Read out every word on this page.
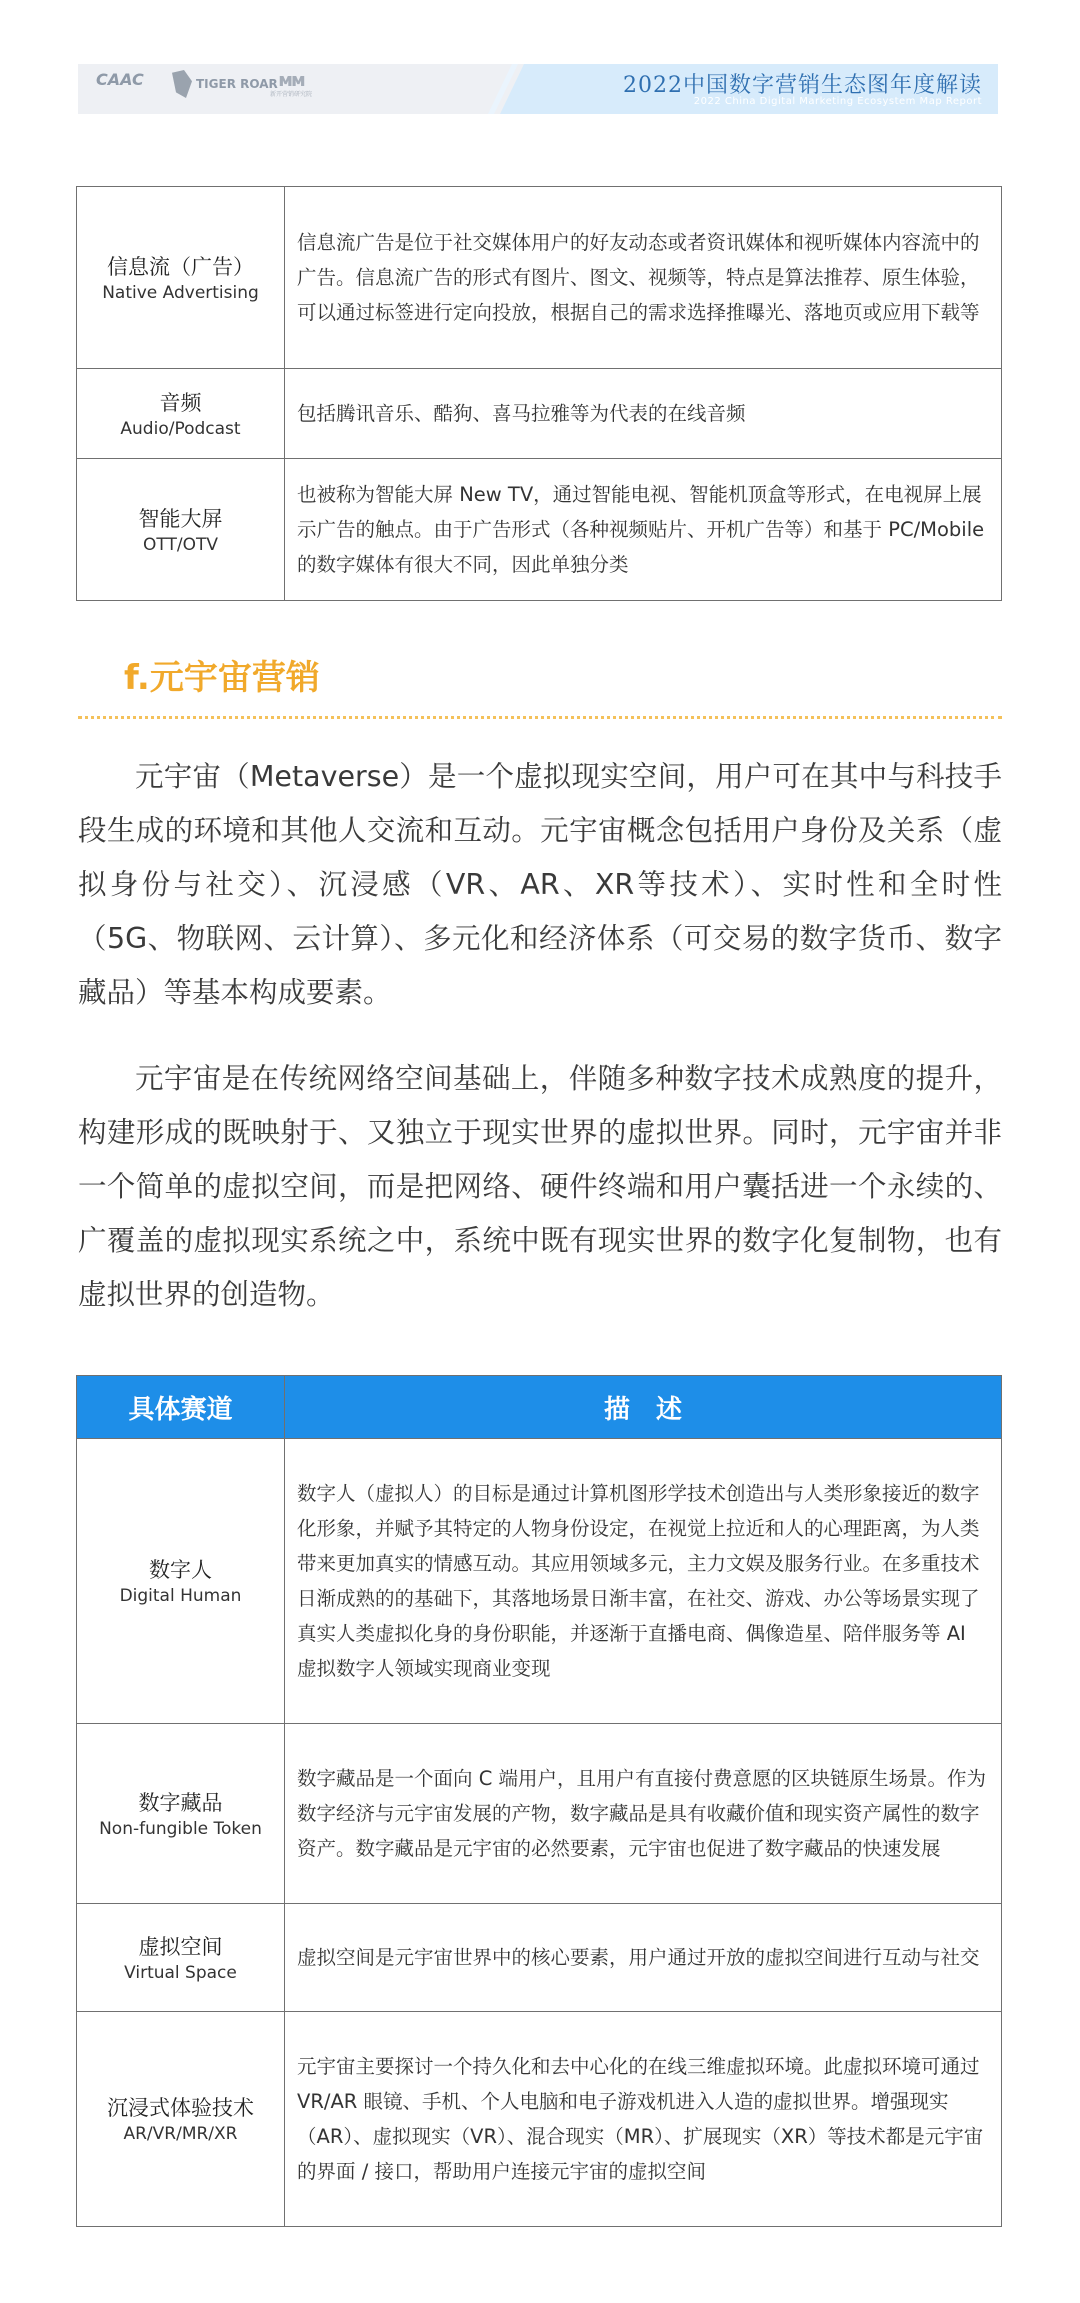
CAAC	TIGER ROAR ᴍᴍ
新开营销研究院	2022中国数字营销生态图年度解读
2022 China Digital Marketing Ecosystem Map Report
信息流（广告）
Native Advertising	信息流广告是位于社交媒体用户的好友动态或者资讯媒体和视听媒体内容流中的广告。信息流广告的形式有图片、图文、视频等，特点是算法推荐、原生体验，可以通过标签进行定向投放，根据自己的需求选择推曝光、落地页或应用下载等

音频
Audio/Podcast	包括腾讯音乐、酷狗、喜马拉雅等为代表的在线音频

智能大屏
OTT/OTV	也被称为智能大屏 New TV，通过智能电视、智能机顶盒等形式，在电视屏上展示广告的触点。由于广告形式（各种视频贴片、开机广告等）和基于 PC/Mobile 的数字媒体有很大不同，因此单独分类
f.元宇宙营销

元宇宙（Metaverse）是一个虚拟现实空间，用户可在其中与科技手段生成的环境和其他人交流和互动。元宇宙概念包括用户身份及关系（虚拟身份与社交）、沉浸感（VR、AR、XR等技术）、实时性和全时性（5G、物联网、云计算）、多元化和经济体系（可交易的数字货币、数字藏品）等基本构成要素。

元宇宙是在传统网络空间基础上，伴随多种数字技术成熟度的提升，构建形成的既映射于、又独立于现实世界的虚拟世界。同时，元宇宙并非一个简单的虚拟空间，而是把网络、硬件终端和用户囊括进一个永续的、广覆盖的虚拟现实系统之中，系统中既有现实世界的数字化复制物，也有虚拟世界的创造物。

具体赛道	描　述

数字人
Digital Human	数字人（虚拟人）的目标是通过计算机图形学技术创造出与人类形象接近的数字化形象，并赋予其特定的人物身份设定，在视觉上拉近和人的心理距离，为人类带来更加真实的情感互动。其应用领域多元，主力文娱及服务行业。在多重技术日渐成熟的的基础下，其落地场景日渐丰富，在社交、游戏、办公等场景实现了真实人类虚拟化身的身份职能，并逐渐于直播电商、偶像造星、陪伴服务等 AI 虚拟数字人领域实现商业变现

数字藏品
Non-fungible Token	数字藏品是一个面向 C 端用户，且用户有直接付费意愿的区块链原生场景。作为数字经济与元宇宙发展的产物，数字藏品是具有收藏价值和现实资产属性的数字资产。数字藏品是元宇宙的必然要素，元宇宙也促进了数字藏品的快速发展

虚拟空间
Virtual Space	虚拟空间是元宇宙世界中的核心要素，用户通过开放的虚拟空间进行互动与社交

沉浸式体验技术
AR/VR/MR/XR	元宇宙主要探讨一个持久化和去中心化的在线三维虚拟环境。此虚拟环境可通过 VR/AR 眼镜、手机、个人电脑和电子游戏机进入人造的虚拟世界。增强现实（AR）、虚拟现实（VR）、混合现实（MR）、扩展现实（XR）等技术都是元宇宙的界面 / 接口，帮助用户连接元宇宙的虚拟空间
